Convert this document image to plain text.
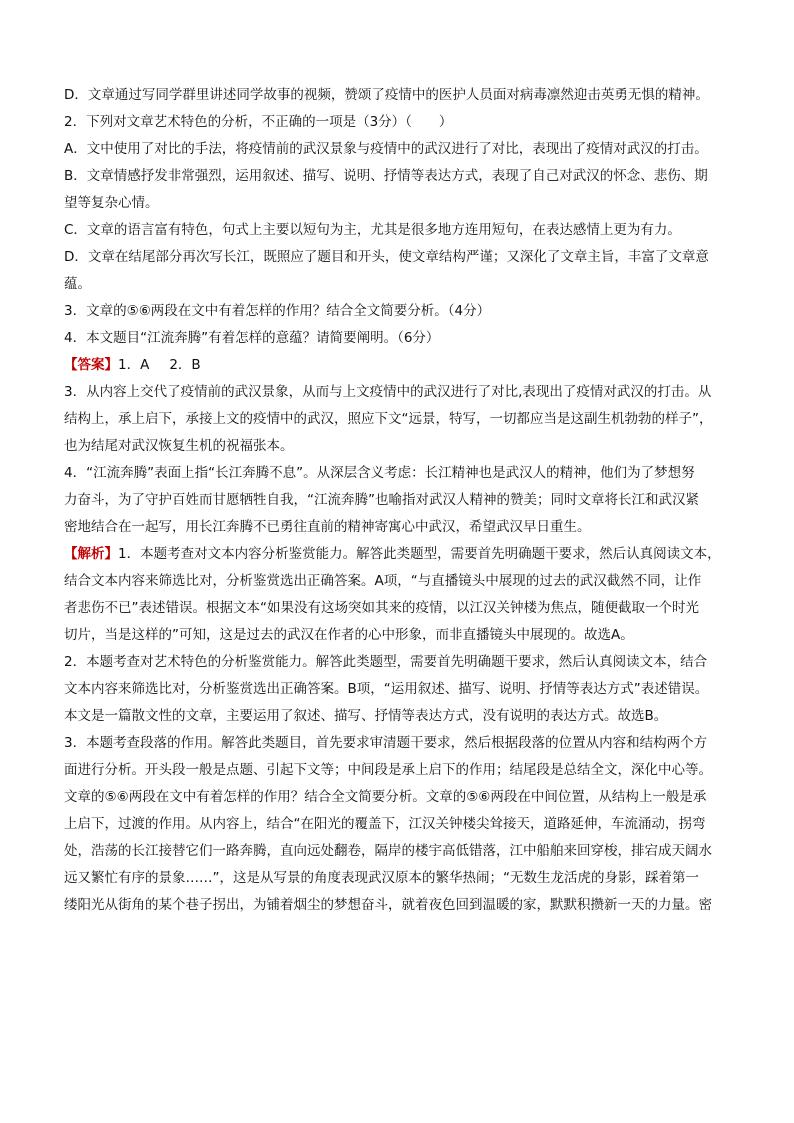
D．文章通过写同学群里讲述同学故事的视频，赞颂了疫情中的医护人员面对病毒凛然迎击英勇无惧的精神。
2．下列对文章艺术特色的分析，不正确的一项是（3分）（　　）
A．文中使用了对比的手法，将疫情前的武汉景象与疫情中的武汉进行了对比，表现出了疫情对武汉的打击。
B．文章情感抒发非常强烈，运用叙述、描写、说明、抒情等表达方式，表现了自己对武汉的怀念、悲伤、期
望等复杂心情。
C．文章的语言富有特色，句式上主要以短句为主，尤其是很多地方连用短句，在表达感情上更为有力。
D．文章在结尾部分再次写长江，既照应了题目和开头，使文章结构严谨；又深化了文章主旨，丰富了文章意
蕴。
3．文章的⑤⑥两段在文中有着怎样的作用？结合全文简要分析。（4分）
4．本文题目“江流奔腾”有着怎样的意蕴？请简要阐明。（6分）
【答案】1．A 2．B
3．从内容上交代了疫情前的武汉景象，从而与上文疫情中的武汉进行了对比,表现出了疫情对武汉的打击。从
结构上，承上启下，承接上文的疫情中的武汉，照应下文“远景，特写，一切都应当是这副生机勃勃的样子”，
也为结尾对武汉恢复生机的祝福张本。
4．“江流奔腾”表面上指“长江奔腾不息”。从深层含义考虑：长江精神也是武汉人的精神，他们为了梦想努
力奋斗，为了守护百姓而甘愿牺牲自我，“江流奔腾”也喻指对武汉人精神的赞美；同时文章将长江和武汉紧
密地结合在一起写，用长江奔腾不已勇往直前的精神寄寓心中武汉，希望武汉早日重生。
【解析】1．本题考查对文本内容分析鉴赏能力。解答此类题型，需要首先明确题干要求，然后认真阅读文本，
结合文本内容来筛选比对，分析鉴赏选出正确答案。A项，“与直播镜头中展现的过去的武汉截然不同，让作
者悲伤不已”表述错误。根据文本“如果没有这场突如其来的疫情，以江汉关钟楼为焦点，随便截取一个时光
切片，当是这样的”可知，这是过去的武汉在作者的心中形象，而非直播镜头中展现的。故选A。
2．本题考查对艺术特色的分析鉴赏能力。解答此类题型，需要首先明确题干要求，然后认真阅读文本，结合
文本内容来筛选比对，分析鉴赏选出正确答案。B项，“运用叙述、描写、说明、抒情等表达方式”表述错误。
本文是一篇散文性的文章，主要运用了叙述、描写、抒情等表达方式，没有说明的表达方式。故选B。
3．本题考查段落的作用。解答此类题目，首先要求审清题干要求，然后根据段落的位置从内容和结构两个方
面进行分析。开头段一般是点题、引起下文等；中间段是承上启下的作用；结尾段是总结全文，深化中心等。
文章的⑤⑥两段在文中有着怎样的作用？结合全文简要分析。文章的⑤⑥两段在中间位置，从结构上一般是承
上启下，过渡的作用。从内容上，结合“在阳光的覆盖下，江汉关钟楼尖耸接天，道路延伸，车流涌动，拐弯
处，浩荡的长江接替它们一路奔腾，直向远处翻卷，隔岸的楼宇高低错落，江中船舶来回穿梭，排宕成天阔水
远又繁忙有序的景象……”，这是从写景的角度表现武汉原本的繁华热闹；“无数生龙活虎的身影，踩着第一
缕阳光从街角的某个巷子拐出，为铺着烟尘的梦想奋斗，就着夜色回到温暖的家，默默积攒新一天的力量。密
